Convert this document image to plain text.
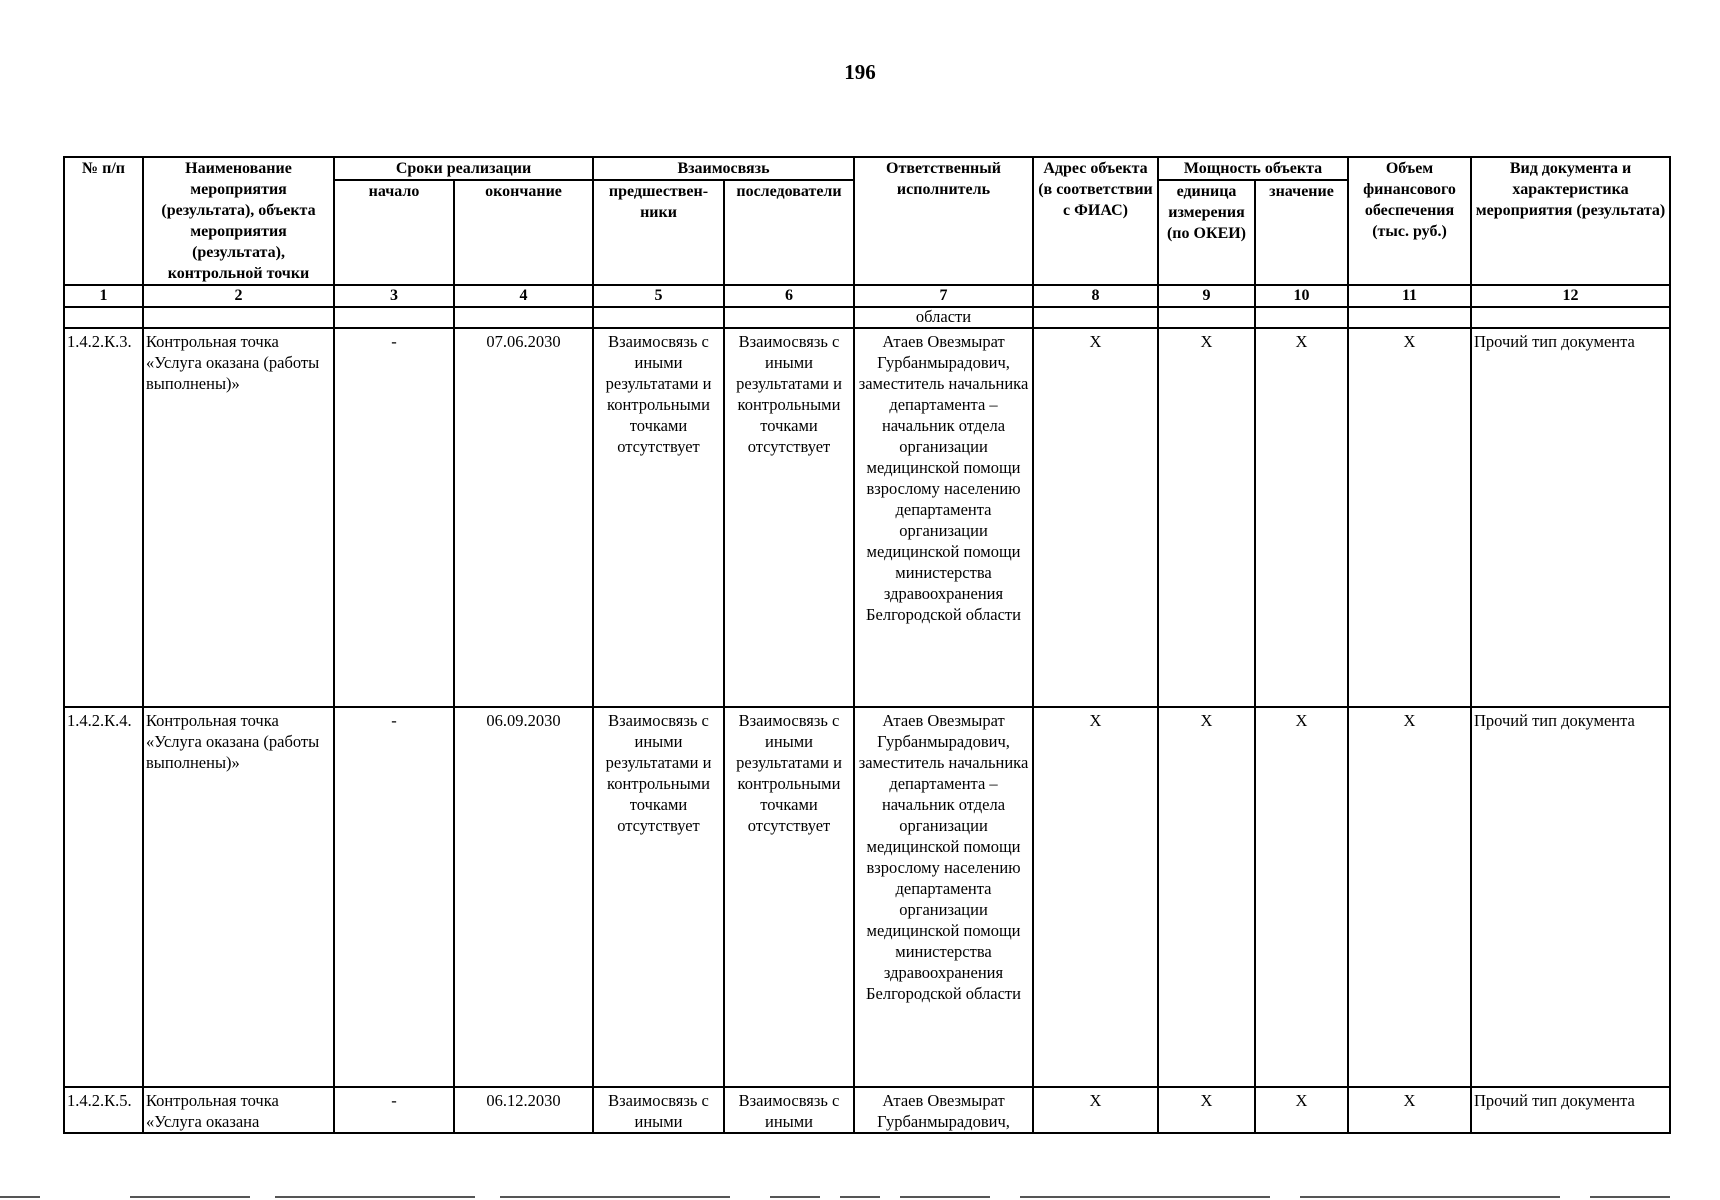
196
№ п/п	Наименование мероприятия (результата), объекта мероприятия (результата), контрольной точки	Сроки реализации		Взаимосвязь		Ответственный исполнитель	Адрес объекта (в соответствии с ФИАС)	Мощность объекта		Объем финансового обеспечения (тыс. руб.)	Вид документа и характеристика мероприятия (результата)
		начало	окончание	предшествен-ники	последователи			единица измерения (по ОКЕИ)	значение		
1	2	3	4	5	6	7	8	9	10	11	12
						области					
1.4.2.К.3.	Контрольная точка «Услуга оказана (работы выполнены)»	-	07.06.2030	Взаимосвязь с иными результатами и контрольными точками отсутствует	Взаимосвязь с иными результатами и контрольными точками отсутствует	Атаев Овезмырат Гурбанмырадович, заместитель начальника департамента – начальник отдела организации медицинской помощи взрослому населению департамента организации медицинской помощи министерства здравоохранения Белгородской области	X	X	X	X	Прочий тип документа
1.4.2.К.4.	Контрольная точка «Услуга оказана (работы выполнены)»	-	06.09.2030	Взаимосвязь с иными результатами и контрольными точками отсутствует	Взаимосвязь с иными результатами и контрольными точками отсутствует	Атаев Овезмырат Гурбанмырадович, заместитель начальника департамента – начальник отдела организации медицинской помощи взрослому населению департамента организации медицинской помощи министерства здравоохранения Белгородской области	X	X	X	X	Прочий тип документа
1.4.2.К.5.	Контрольная точка «Услуга оказана	-	06.12.2030	Взаимосвязь с иными	Взаимосвязь с иными	Атаев Овезмырат Гурбанмырадович,	X	X	X	X	Прочий тип документа
